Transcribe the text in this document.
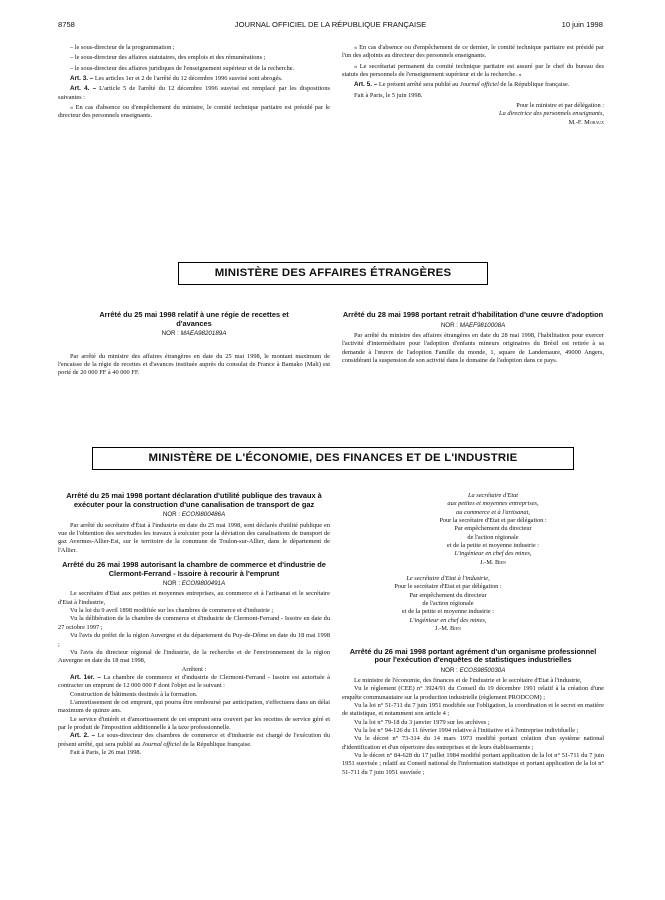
8758	JOURNAL OFFICIEL DE LA RÉPUBLIQUE FRANÇAISE	10 juin 1998

– le sous-directeur de la programmation ;

– le sous-directeur des affaires statutaires, des emplois et des rémunérations ;

– le sous-directeur des affaires juridiques de l'enseignement supérieur et de la recherche.

Art. 3. – Les articles 1er et 2 de l'arrêté du 12 décembre 1996 susvisé sont abrogés.

Art. 4. – L'article 5 de l'arrêté du 12 décembre 1996 susvisé est remplacé par les dispositions suivantes :

« En cas d'absence ou d'empêchement du ministre, le comité technique paritaire est présidé par le directeur des personnels enseignants.

« En cas d'absence ou d'empêchement de ce dernier, le comité technique paritaire est présidé par l'un des adjoints au directeur des personnels enseignants.

« Le secrétariat permanent du comité technique paritaire est assuré par le chef du bureau des statuts des personnels de l'enseignement supérieur et de la recherche. »

Art. 5. – Le présent arrêté sera publié au Journal officiel de la République française.

Fait à Paris, le 5 juin 1998.

Pour le ministre et par délégation :

La directrice des personnels enseignants,

M.-F. Moraux

MINISTÈRE DES AFFAIRES ÉTRANGÈRES

Arrêté du 25 mai 1998 relatif à une régie de recettes et d'avances

NOR : MAEA9820189A

Par arrêté du ministre des affaires étrangères en date du 25 mai 1998, le montant maximum de l'encaisse de la régie de recettes et d'avances instituée auprès du consulat de France à Bamako (Mali) est porté de 20 000 FF à 40 000 FF.

Arrêté du 28 mai 1998 portant retrait d'habilitation d'une œuvre d'adoption

NOR : MAEF9810008A

Par arrêté du ministre des affaires étrangères en date du 28 mai 1998, l'habilitation pour exercer l'activité d'intermédiaire pour l'adoption d'enfants mineurs originaires du Brésil est retirée à sa demande à l'œuvre de l'adoption Famille du monde, 1, square de Landemaure, 49000 Angers, considérant la suspension de son activité dans le domaine de l'adoption dans ce pays.

MINISTÈRE DE L'ÉCONOMIE, DES FINANCES ET DE L'INDUSTRIE

Arrêté du 25 mai 1998 portant déclaration d'utilité publique des travaux à exécuter pour la construction d'une canalisation de transport de gaz

NOR : ECOI9800486A

Par arrêté du secrétaire d'État à l'industrie en date du 25 mai 1998, sont déclarés d'utilité publique en vue de l'obtention des servitudes les travaux à exécuter pour la déviation des canalisations de transport de gaz Avermes-Allier-Est, sur le territoire de la commune de Toulon-sur-Allier, dans le département de l'Allier.

Arrêté du 26 mai 1998 autorisant la chambre de commerce et d'industrie de Clermont-Ferrand - Issoire à recourir à l'emprunt

NOR : ECOI9800491A

Le secrétaire d'Etat aux petites et moyennes entreprises, au commerce et à l'artisanat et le secrétaire d'Etat à l'industrie,

Vu la loi du 9 avril 1898 modifiée sur les chambres de commerce et d'industrie ;

Vu la délibération de la chambre de commerce et d'industrie de Clermont-Ferrand - Issoire en date du 27 octobre 1997 ;

Vu l'avis du préfet de la région Auvergne et du département du Puy-de-Dôme en date du 18 mai 1998 ;

Vu l'avis du directeur régional de l'industrie, de la recherche et de l'environnement de la région Auvergne en date du 18 mai 1998,

Arrêtent :

Art. 1er. – La chambre de commerce et d'industrie de Clermont-Ferrand - Issoire est autorisée à contracter un emprunt de 12 000 000 F dont l'objet est le suivant :

Construction de bâtiments destinés à la formation.

L'amortissement de cet emprunt, qui pourra être remboursé par anticipation, s'effectuera dans un délai maximum de quinze ans.

Le service d'intérêt et d'amortissement de cet emprunt sera couvert par les recettes de service géré et par le produit de l'imposition additionnelle à la taxe professionnelle.

Art. 2. – Le sous-directeur des chambres de commerce et d'industrie est chargé de l'exécution du présent arrêté, qui sera publié au Journal officiel de la République française.

Fait à Paris, le 26 mai 1998.

La secrétaire d'Etat
aux petites et moyennes entreprises,
au commerce et à l'artisanat,
Pour la secrétaire d'Etat et par délégation :
Par empêchement du directeur
de l'action régionale
et de la petite et moyenne industrie :
L'ingénieur en chef des mines,
J.-M. Bien
Le secrétaire d'Etat à l'industrie,
Pour le secrétaire d'Etat et par délégation :
Par empêchement du directeur
de l'action régionale
et de la petite et moyenne industrie :
L'ingénieur en chef des mines,
J.-M. Bien

Arrêté du 26 mai 1998 portant agrément d'un organisme professionnel pour l'exécution d'enquêtes de statistiques industrielles

NOR : ECOS9850030A

Le ministre de l'économie, des finances et de l'industrie et le secrétaire d'Etat à l'industrie,

Vu le règlement (CEE) n° 3924/91 du Conseil du 19 décembre 1991 relatif à la création d'une enquête communautaire sur la production industrielle (règlement PRODCOM) ;

Vu la loi n° 51-711 du 7 juin 1951 modifiée sur l'obligation, la coordination et le secret en matière de statistique, et notamment son article 4 ;

Vu la loi n° 79-18 du 3 janvier 1979 sur les archives ;

Vu la loi n° 94-126 du 11 février 1994 relative à l'initiative et à l'entreprise individuelle ;

Vu le décret n° 73-314 du 14 mars 1973 modifié portant création d'un système national d'identification et d'un répertoire des entreprises et de leurs établissements ;

Vu le décret n° 84-628 du 17 juillet 1984 modifié portant application de la loi n° 51-711 du 7 juin 1951 susvisée ; relatif au Conseil national de l'information statistique et portant application de la loi n° 51-711 du 7 juin 1951 susvisée ;
